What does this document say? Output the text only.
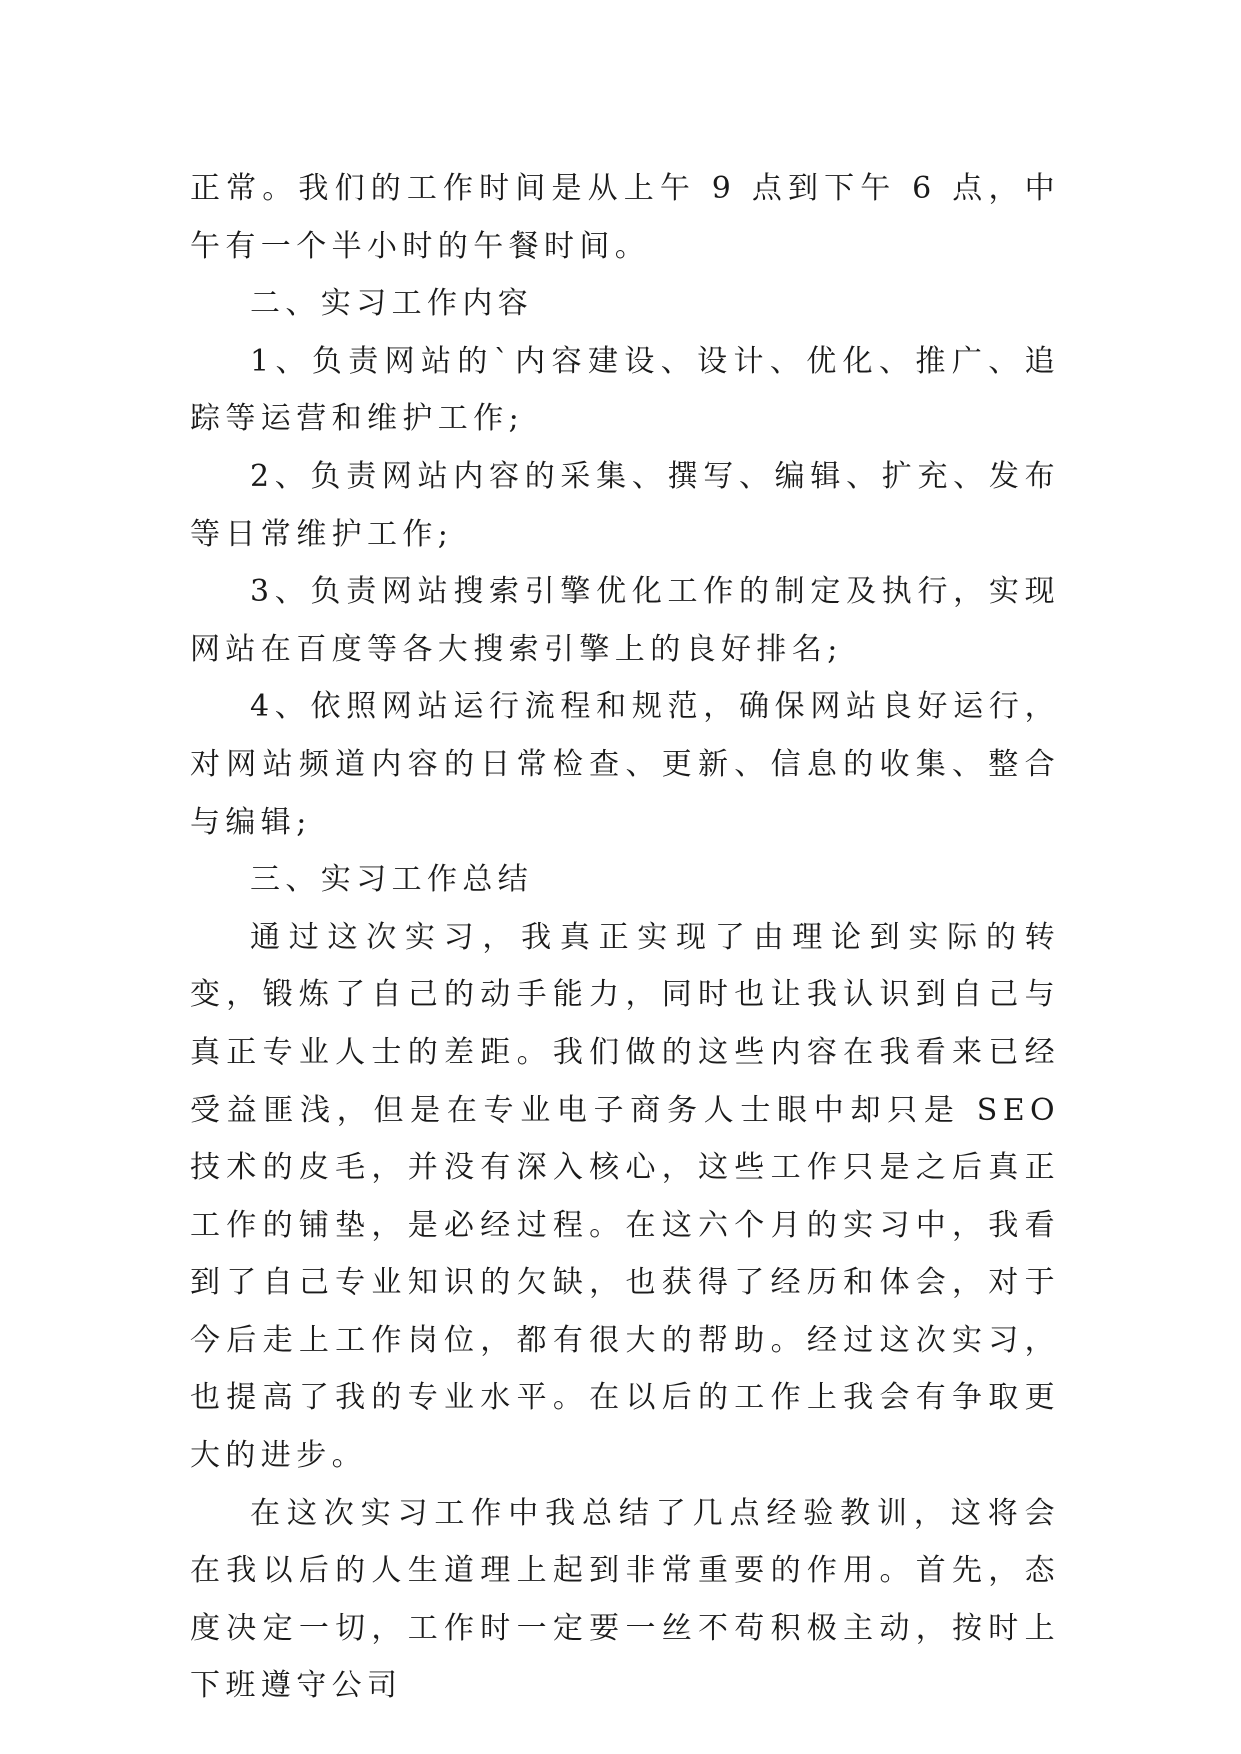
正常。我们的工作时间是从上午 9 点到下午 6 点，中午有一个半小时的午餐时间。

二、实习工作内容

1、负责网站的`内容建设、设计、优化、推广、追踪等运营和维护工作;

2、负责网站内容的采集、撰写、编辑、扩充、发布等日常维护工作;

3、负责网站搜索引擎优化工作的制定及执行，实现网站在百度等各大搜索引擎上的良好排名;

4、依照网站运行流程和规范，确保网站良好运行，对网站频道内容的日常检查、更新、信息的收集、整合与编辑;

三、实习工作总结

通过这次实习，我真正实现了由理论到实际的转变，锻炼了自己的动手能力，同时也让我认识到自己与真正专业人士的差距。我们做的这些内容在我看来已经受益匪浅，但是在专业电子商务人士眼中却只是 SEO 技术的皮毛，并没有深入核心，这些工作只是之后真正工作的铺垫，是必经过程。在这六个月的实习中，我看到了自己专业知识的欠缺，也获得了经历和体会，对于今后走上工作岗位，都有很大的帮助。经过这次实习，也提高了我的专业水平。在以后的工作上我会有争取更大的进步。

在这次实习工作中我总结了几点经验教训，这将会在我以后的人生道理上起到非常重要的作用。首先，态度决定一切，工作时一定要一丝不苟积极主动，按时上下班遵守公司
